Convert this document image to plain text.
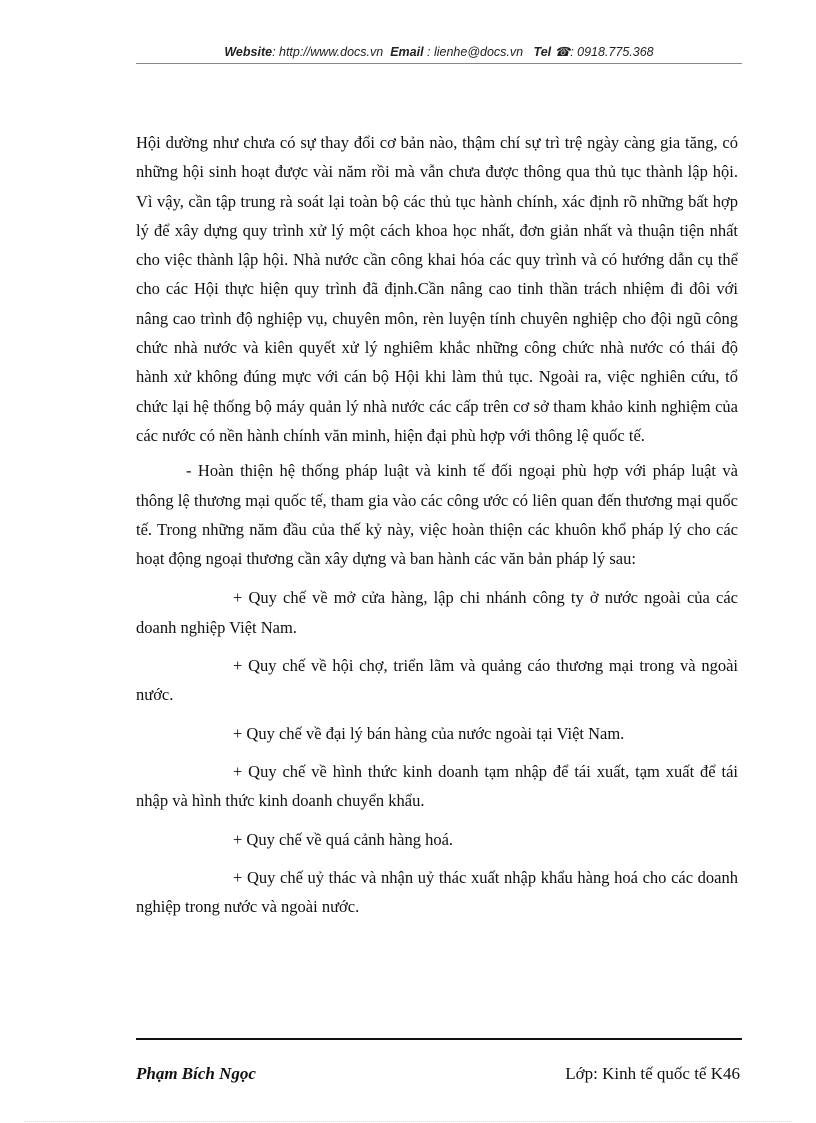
Website: http://www.docs.vn Email : lienhe@docs.vn Tel ☎: 0918.775.368

Hội dường như chưa có sự thay đổi cơ bản nào, thậm chí sự trì trệ ngày càng gia tăng, có những hội sinh hoạt được vài năm rồi mà vẫn chưa được thông qua thủ tục thành lập hội. Vì vậy, cần tập trung rà soát lại toàn bộ các thủ tục hành chính, xác định rõ những bất hợp lý để xây dựng quy trình xử lý một cách khoa học nhất, đơn giản nhất và thuận tiện nhất cho việc thành lập hội. Nhà nước cần công khai hóa các quy trình và có hướng dẫn cụ thể cho các Hội thực hiện quy trình đã định.Cần nâng cao tinh thần trách nhiệm đi đôi với nâng cao trình độ nghiệp vụ, chuyên môn, rèn luyện tính chuyên nghiệp cho đội ngũ công chức nhà nước và kiên quyết xử lý nghiêm khắc những công chức nhà nước có thái độ hành xử không đúng mực với cán bộ Hội khi làm thủ tục. Ngoài ra, việc nghiên cứu, tổ chức lại hệ thống bộ máy quản lý nhà nước các cấp trên cơ sở tham khảo kinh nghiệm của các nước có nền hành chính văn minh, hiện đại phù hợp với thông lệ quốc tế.

- Hoàn thiện hệ thống pháp luật và kinh tế đối ngoại phù hợp với pháp luật và thông lệ thương mại quốc tế, tham gia vào các công ước có liên quan đến thương mại quốc tế. Trong những năm đầu của thế kỷ này, việc hoàn thiện các khuôn khổ pháp lý cho các hoạt động ngoại thương cần xây dựng và ban hành các văn bản pháp lý sau:

+ Quy chế về mở cửa hàng, lập chi nhánh công ty ở nước ngoài của các doanh nghiệp Việt Nam.

+ Quy chế về hội chợ, triển lãm và quảng cáo thương mại trong và ngoài nước.

+ Quy chế về đại lý bán hàng của nước ngoài tại Việt Nam.

+ Quy chế về hình thức kinh doanh tạm nhập để tái xuất, tạm xuất để tái nhập và hình thức kinh doanh chuyển khẩu.

+ Quy chế về quá cảnh hàng hoá.

+ Quy chế uỷ thác và nhận uỷ thác xuất nhập khẩu hàng hoá cho các doanh nghiệp trong nước và ngoài nước.

Phạm Bích Ngọc	Lớp: Kinh tế quốc tế K46
